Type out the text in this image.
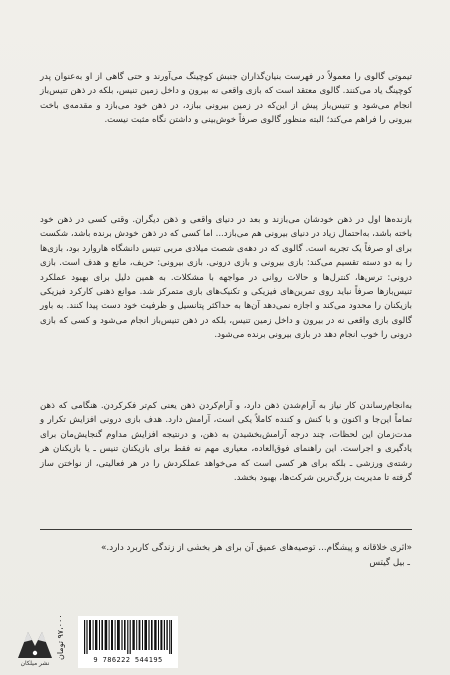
تیموتی گالوی را معمولاً در فهرست بنیان‌گذاران جنبش کوچینگ می‌آورند و حتی گاهی از او به‌عنوان پدر کوچینگ یاد می‌کنند. گالوی معتقد است که بازی واقعی نه بیرون و داخل زمین تنیس، بلکه در ذهن تنیس‌باز انجام می‌شود و تنیس‌باز پیش از این‌که در زمین بیرونی ببازد، در ذهن خود می‌بازد و مقدمه‌ی باخت بیرونی را فراهم می‌کند؛ البته منظور گالوی صرفاً خوش‌بینی و داشتن نگاه مثبت نیست.
بازنده‌ها اول در ذهن خودشان می‌بازند و بعد در دنیای واقعی و ذهن دیگران. وقتی کسی در ذهن خود باخته باشد، به‌احتمال زیاد در دنیای بیرونی هم می‌بازد... اما کسی که در ذهن خودش برنده باشد، شکست برای او صرفاً یک تجربه است. گالوی که در دهه‌ی شصت میلادی مربی تنیس دانشگاه هاروارد بود، بازی‌ها را به دو دسته تقسیم می‌کند: بازی بیرونی و بازی درونی. بازی بیرونی: حریف، مانع و هدف است. بازی درونی: ترس‌ها، کنترل‌ها و حالات روانی در مواجهه با مشکلات. به همین دلیل برای بهبود عملکرد تنیس‌بازها صرفاً نباید روی تمرین‌های فیزیکی و تکنیک‌های بازی متمرکز شد. موانع ذهنی کارکرد فیزیکی بازیکنان را محدود می‌کند و اجازه نمی‌دهد آن‌ها به حداکثر پتانسیل و ظرفیت خود دست پیدا کنند. به باور گالوی بازی واقعی نه در بیرون و داخل زمین تنیس، بلکه در ذهن تنیس‌باز انجام می‌شود و کسی که بازی درونی را خوب انجام دهد در بازی بیرونی برنده می‌شود.
به‌انجام‌رساندن کار نیاز به آرام‌شدن ذهن دارد، و آرام‌کردن ذهن یعنی کم‌تر فکرکردن. هنگامی که ذهن تماماً این‌جا و اکنون و با کنش و کننده کاملاً یکی است، آرامش دارد. هدف بازی درونی افزایش تکرار و مدت‌زمان این لحظات، چند درجه آرامش‌بخشیدن به ذهن، و درنتیجه افزایش مداوم گنجایش‌مان برای یادگیری و اجراست. این راهنمای فوق‌العاده، معیاری مهم نه فقط برای بازیکنان تنیس ـ یا بازیکنان هر رشته‌ی ورزشی ـ بلکه برای هر کسی است که می‌خواهد عملکردش را در هر فعالیتی، از نواختن ساز گرفته تا مدیریت بزرگ‌ترین شرکت‌ها، بهبود بخشد.
«اثری خلاقانه و پیشگام... توصیه‌های عمیق آن برای هر بخشی از زندگی کاربرد دارد.»
ـ بیل گیتس
نشر میلکان
۹۷،۰۰۰ تومان
9 786222 544195
